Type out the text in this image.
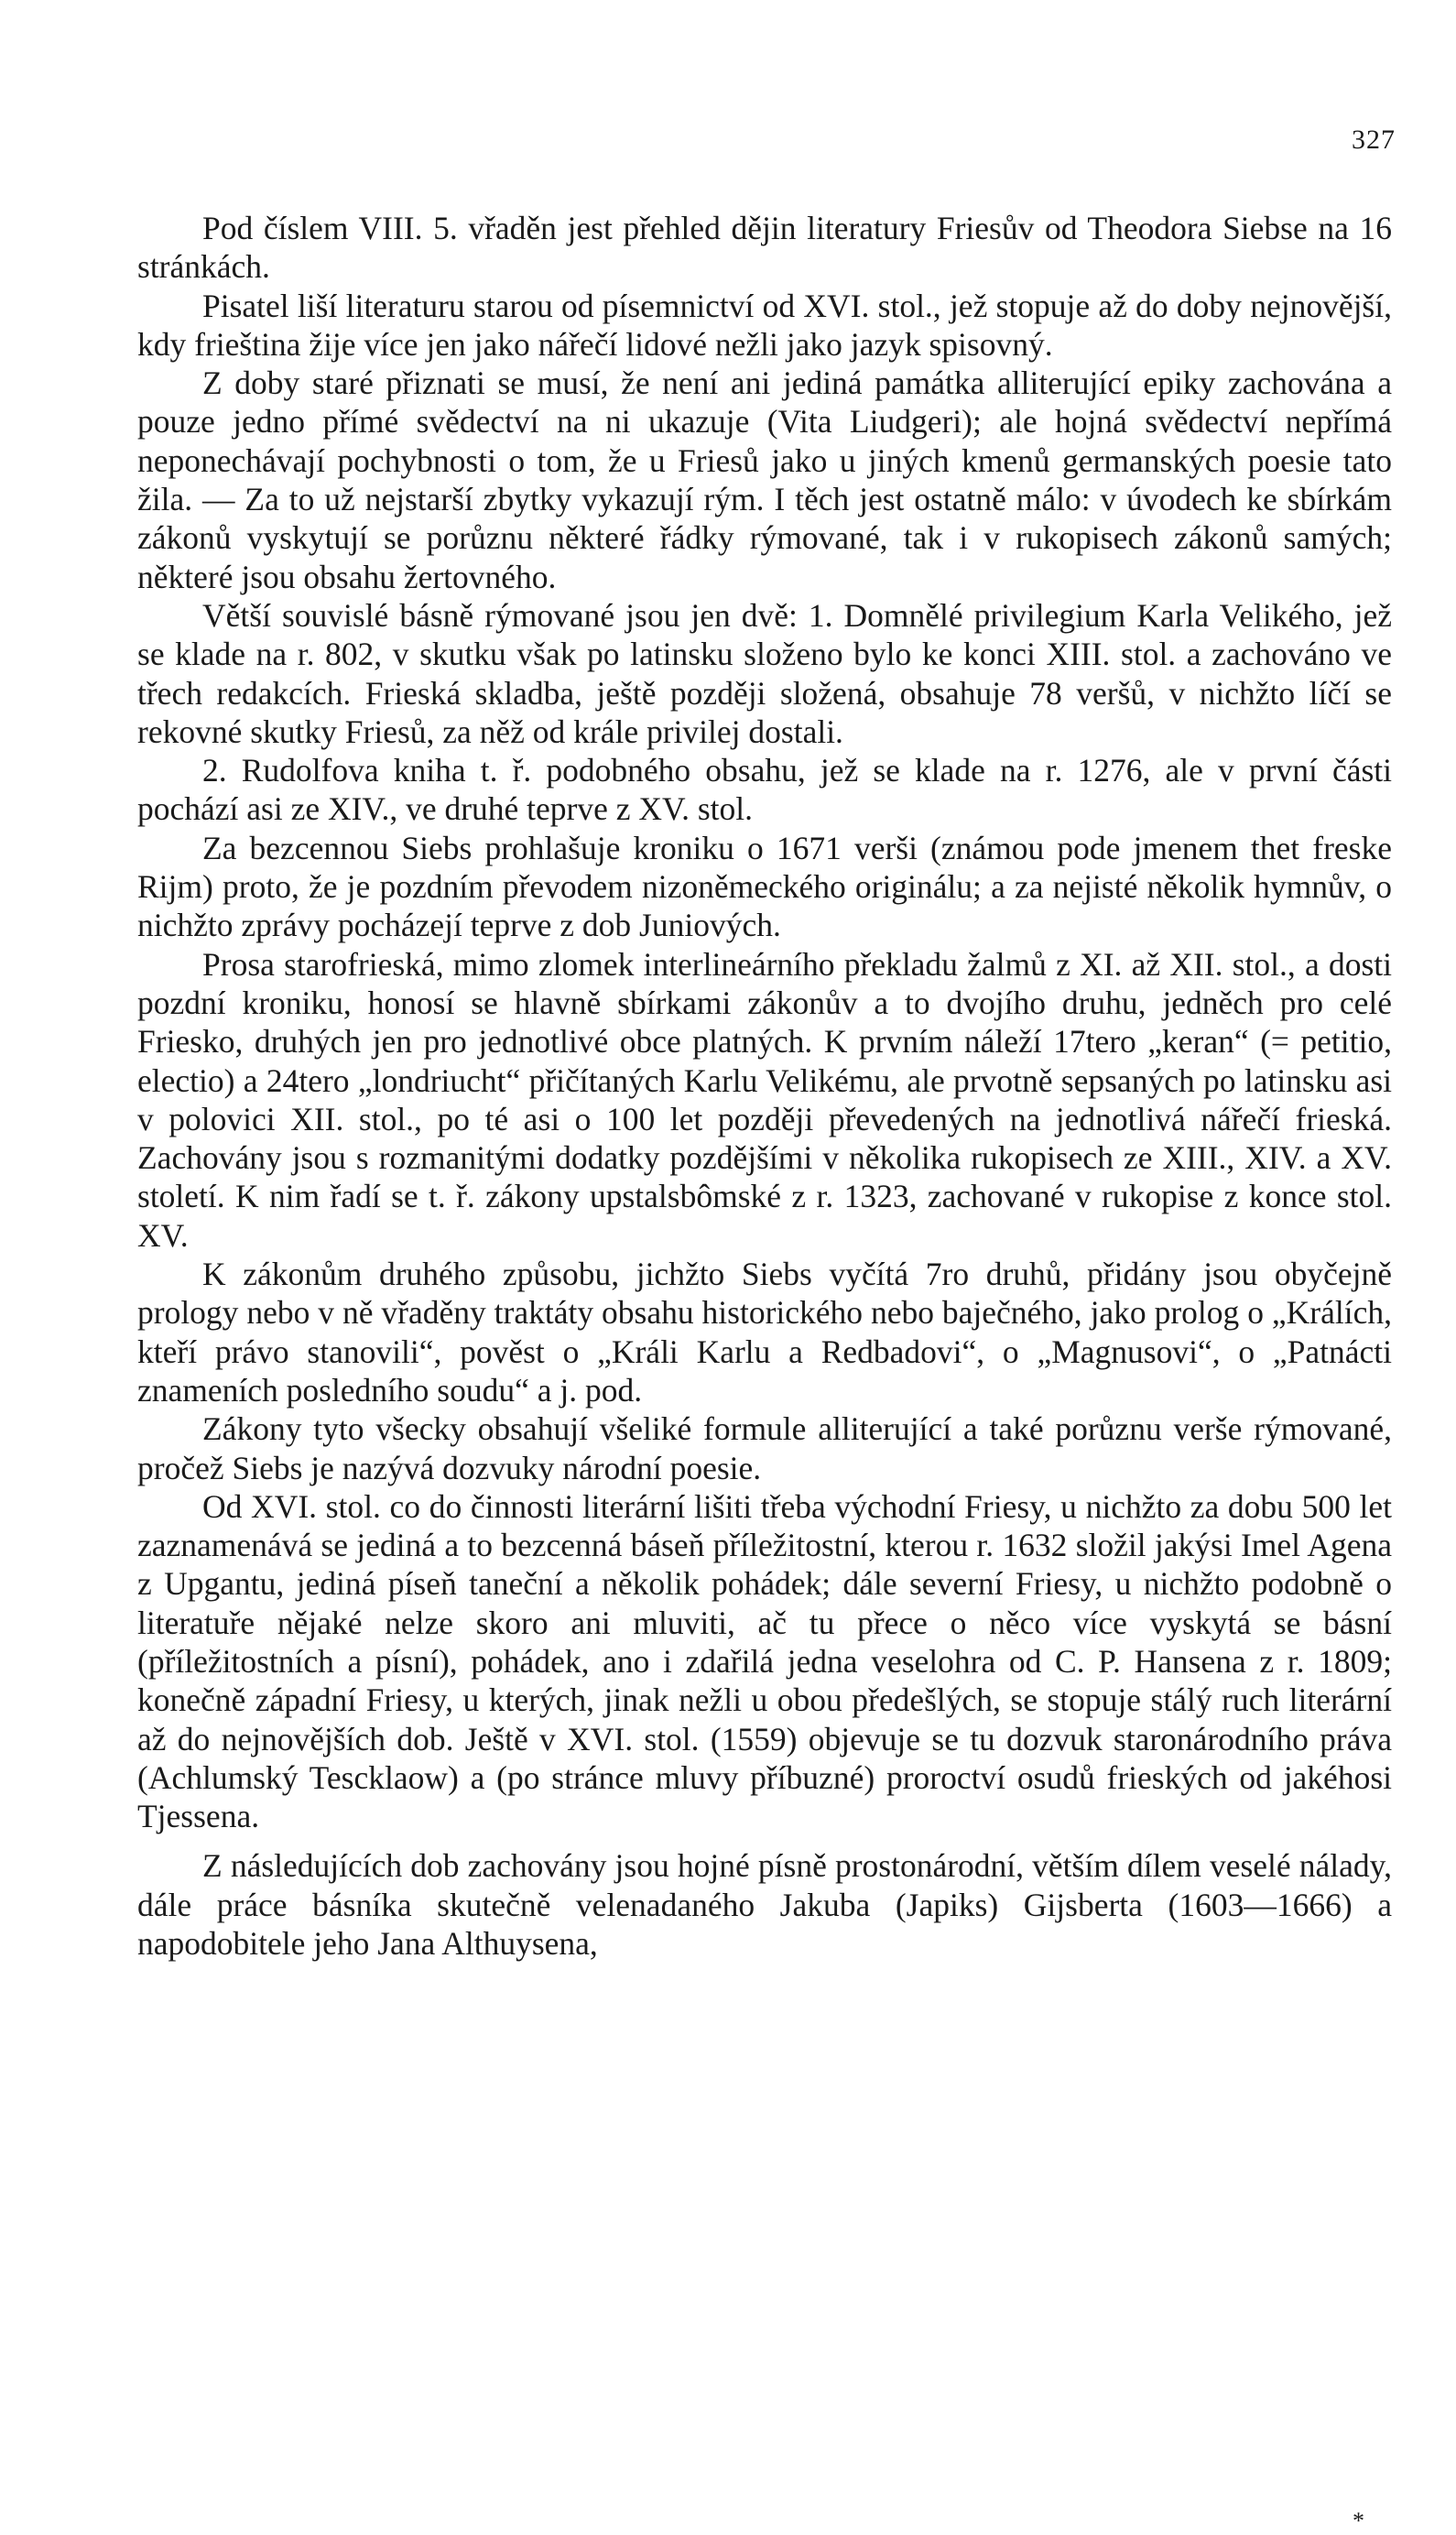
327

Pod číslem VIII. 5. vřaděn jest přehled dějin literatury Friesův od Theodora Siebse na 16 stránkách.

Pisatel liší literaturu starou od písemnictví od XVI. stol., jež stopuje až do doby nejnovější, kdy frieština žije více jen jako nářečí lidové nežli jako jazyk spisovný.

Z doby staré přiznati se musí, že není ani jediná památka alliterující epiky zachována a pouze jedno přímé svědectví na ni ukazuje (Vita Liudgeri); ale hojná svědectví nepřímá neponechávají pochybnosti o tom, že u Friesů jako u jiných kmenů germanských poesie tato žila. — Za to už nejstarší zbytky vykazují rým. I těch jest ostatně málo: v úvodech ke sbírkám zákonů vyskytují se porůznu některé řádky rýmované, tak i v rukopisech zákonů samých; některé jsou obsahu žertovného.

Větší souvislé básně rýmované jsou jen dvě: 1. Domnělé privilegium Karla Velikého, jež se klade na r. 802, v skutku však po latinsku složeno bylo ke konci XIII. stol. a zachováno ve třech redakcích. Frieská skladba, ještě později složená, obsahuje 78 veršů, v nichžto líčí se rekovné skutky Friesů, za něž od krále privilej dostali.

2. Rudolfova kniha t. ř. podobného obsahu, jež se klade na r. 1276, ale v první části pochází asi ze XIV., ve druhé teprve z XV. stol.

Za bezcennou Siebs prohlašuje kroniku o 1671 verši (známou pode jmenem thet freske Rijm) proto, že je pozdním převodem nizoněmeckého originálu; a za nejisté několik hymnův, o nichžto zprávy pocházejí teprve z dob Juniových.

Prosa starofrieská, mimo zlomek interlineárního překladu žalmů z XI. až XII. stol., a dosti pozdní kroniku, honosí se hlavně sbírkami zákonův a to dvojího druhu, jedněch pro celé Friesko, druhých jen pro jednotlivé obce platných. K prvním náleží 17tero „keran“ (= petitio, electio) a 24tero „londriucht“ přičítaných Karlu Velikému, ale prvotně sepsaných po latinsku asi v polovici XII. stol., po té asi o 100 let později převedených na jednotlivá nářečí frieská. Zachovány jsou s rozmanitými dodatky pozdějšími v několika rukopisech ze XIII., XIV. a XV. století. K nim řadí se t. ř. zákony upstalsbômské z r. 1323, zachované v rukopise z konce stol. XV.

K zákonům druhého způsobu, jichžto Siebs vyčítá 7ro druhů, přidány jsou obyčejně prology nebo v ně vřaděny traktáty obsahu historického nebo baječného, jako prolog o „Králích, kteří právo stanovili“, pověst o „Králi Karlu a Redbadovi“, o „Magnusovi“, o „Patnácti znameních posledního soudu“ a j. pod.

Zákony tyto všecky obsahují všeliké formule alliterující a také porůznu verše rýmované, pročež Siebs je nazývá dozvuky národní poesie.

Od XVI. stol. co do činnosti literární lišiti třeba východní Friesy, u nichžto za dobu 500 let zaznamenává se jediná a to bezcenná báseň příležitostní, kterou r. 1632 složil jakýsi Imel Agena z Upgantu, jediná píseň taneční a několik pohádek; dále severní Friesy, u nichžto podobně o literatuře nějaké nelze skoro ani mluviti, ač tu přece o něco více vyskytá se básní (příležitostních a písní), pohádek, ano i zdařilá jedna veselohra od C. P. Hansena z r. 1809; konečně západní Friesy, u kterých, jinak nežli u obou předešlých, se stopuje stálý ruch literární až do nejnovějších dob. Ještě v XVI. stol. (1559) objevuje se tu dozvuk staronárodního práva (Achlumský Tescklaow) a (po stránce mluvy příbuzné) proroctví osudů frieských od jakéhosi Tjessena.

Z následujících dob zachovány jsou hojné písně prostonárodní, větším dílem veselé nálady, dále práce básníka skutečně velenadaného Jakuba (Japiks) Gijsberta (1603—1666) a napodobitele jeho Jana Althuysena,

*
